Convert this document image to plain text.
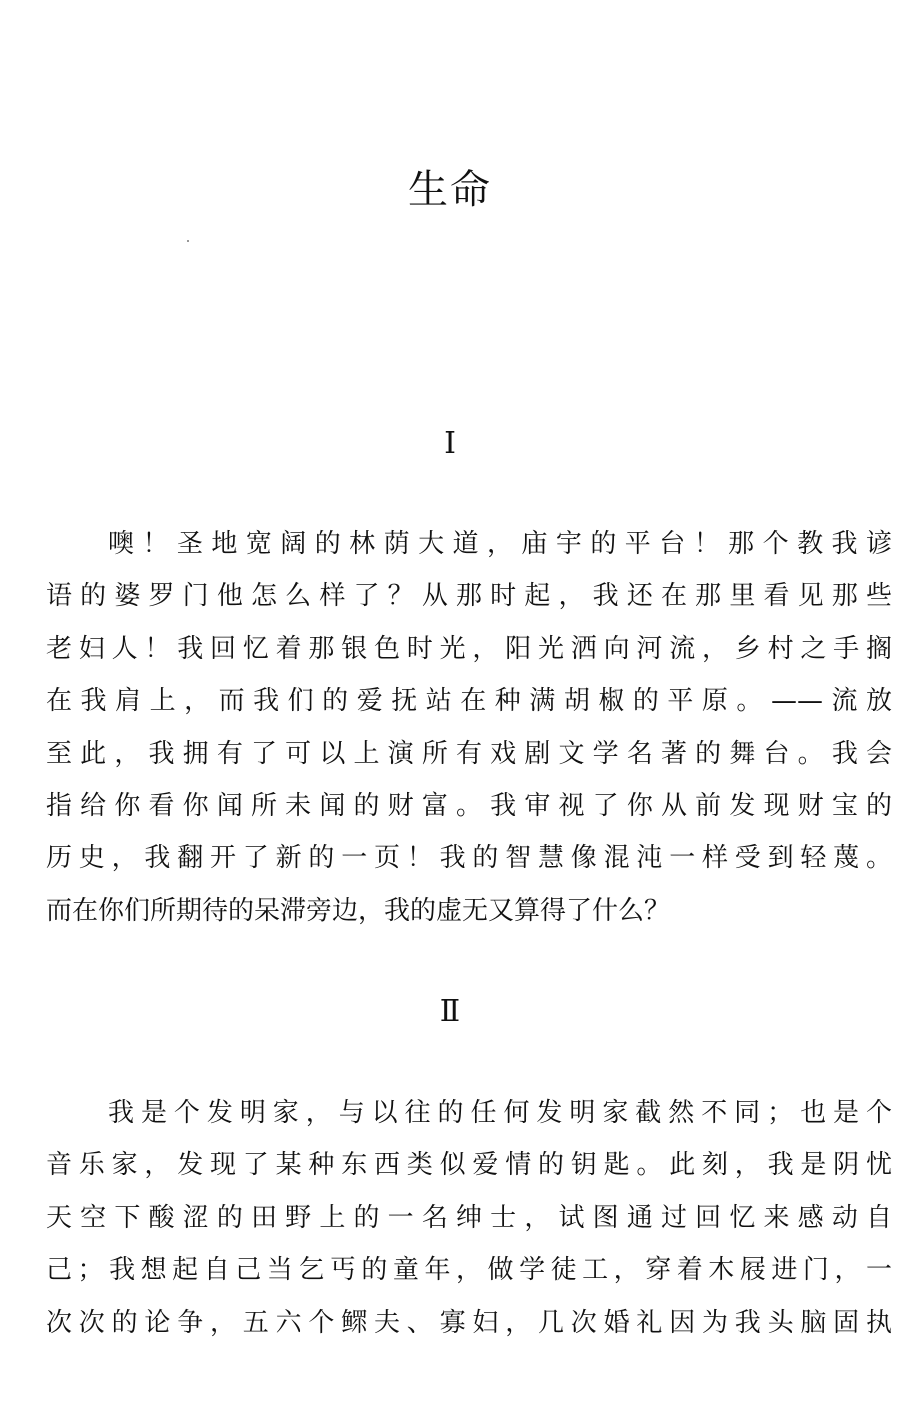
生命
Ⅰ
噢！圣地宽阔的林荫大道，庙宇的平台！那个教我谚
语的婆罗门他怎么样了？从那时起，我还在那里看见那些
老妇人！我回忆着那银色时光，阳光洒向河流，乡村之手搁
在我肩上，而我们的爱抚站在种满胡椒的平原。——流放
至此，我拥有了可以上演所有戏剧文学名著的舞台。我会
指给你看你闻所未闻的财富。我审视了你从前发现财宝的
历史，我翻开了新的一页！我的智慧像混沌一样受到轻蔑。
而在你们所期待的呆滞旁边，我的虚无又算得了什么？
Ⅱ
我是个发明家，与以往的任何发明家截然不同；也是个
音乐家，发现了某种东西类似爱情的钥匙。此刻，我是阴忧
天空下酸涩的田野上的一名绅士，试图通过回忆来感动自
己；我想起自己当乞丐的童年，做学徒工，穿着木屐进门，一
次次的论争，五六个鳏夫、寡妇，几次婚礼因为我头脑固执
